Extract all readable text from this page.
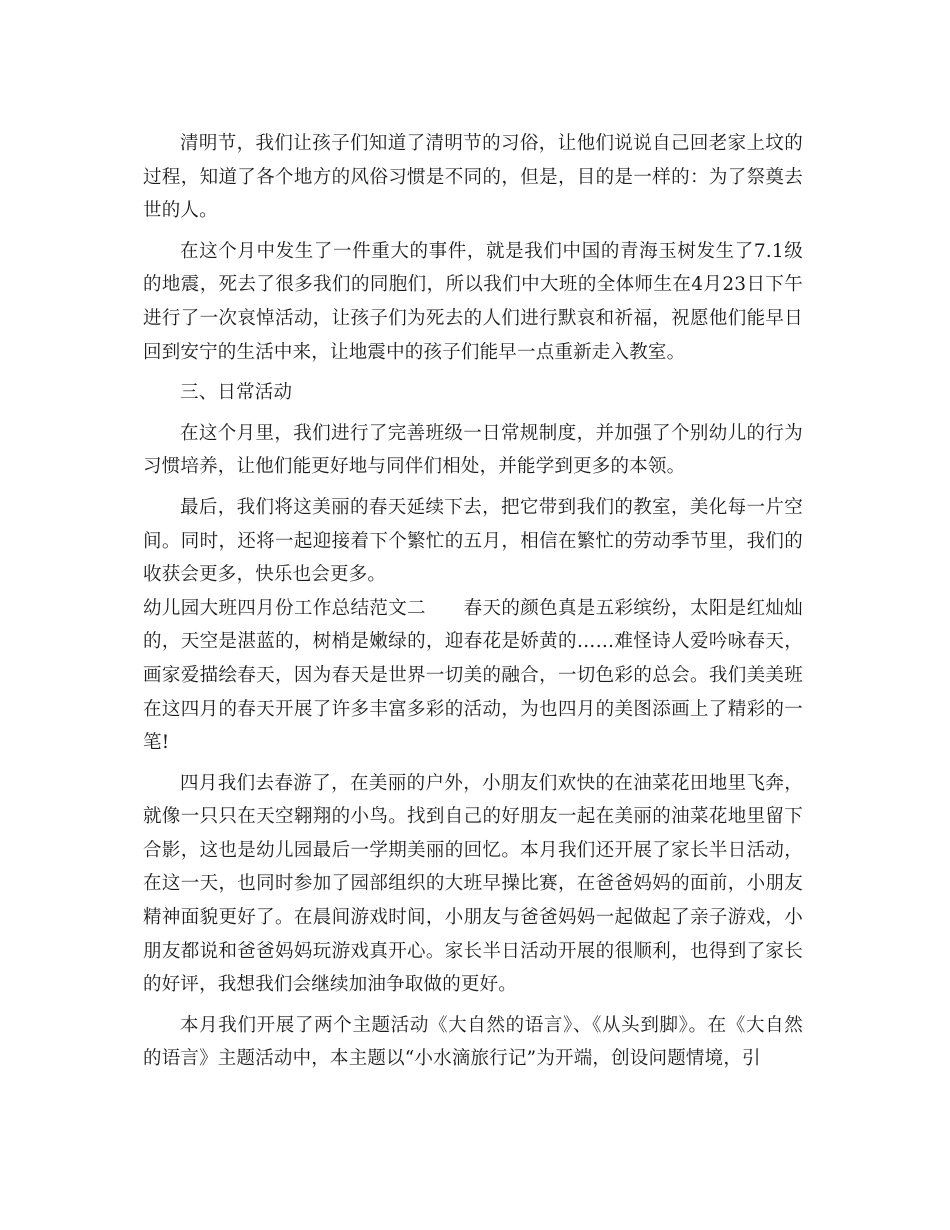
清明节，我们让孩子们知道了清明节的习俗，让他们说说自己回老家上坟的过程，知道了各个地方的风俗习惯是不同的，但是，目的是一样的：为了祭奠去世的人。

在这个月中发生了一件重大的事件，就是我们中国的青海玉树发生了7.1级的地震，死去了很多我们的同胞们，所以我们中大班的全体师生在4月23日下午进行了一次哀悼活动，让孩子们为死去的人们进行默哀和祈福，祝愿他们能早日回到安宁的生活中来，让地震中的孩子们能早一点重新走入教室。

三、日常活动

在这个月里，我们进行了完善班级一日常规制度，并加强了个别幼儿的行为习惯培养，让他们能更好地与同伴们相处，并能学到更多的本领。

最后，我们将这美丽的春天延续下去，把它带到我们的教室，美化每一片空间。同时，还将一起迎接着下个繁忙的五月，相信在繁忙的劳动季节里，我们的收获会更多，快乐也会更多。

幼儿园大班四月份工作总结范文二　　春天的颜色真是五彩缤纷，太阳是红灿灿的，天空是湛蓝的，树梢是嫩绿的，迎春花是娇黄的……难怪诗人爱吟咏春天，画家爱描绘春天，因为春天是世界一切美的融合，一切色彩的总会。我们美美班在这四月的春天开展了许多丰富多彩的活动，为也四月的美图添画上了精彩的一笔!

四月我们去春游了，在美丽的户外，小朋友们欢快的在油菜花田地里飞奔，就像一只只在天空翱翔的小鸟。找到自己的好朋友一起在美丽的油菜花地里留下合影，这也是幼儿园最后一学期美丽的回忆。本月我们还开展了家长半日活动，在这一天，也同时参加了园部组织的大班早操比赛，在爸爸妈妈的面前，小朋友精神面貌更好了。在晨间游戏时间，小朋友与爸爸妈妈一起做起了亲子游戏，小朋友都说和爸爸妈妈玩游戏真开心。家长半日活动开展的很顺利，也得到了家长的好评，我想我们会继续加油争取做的更好。

本月我们开展了两个主题活动《大自然的语言》、《从头到脚》。在《大自然的语言》主题活动中，本主题以“小水滴旅行记”为开端，创设问题情境，引
